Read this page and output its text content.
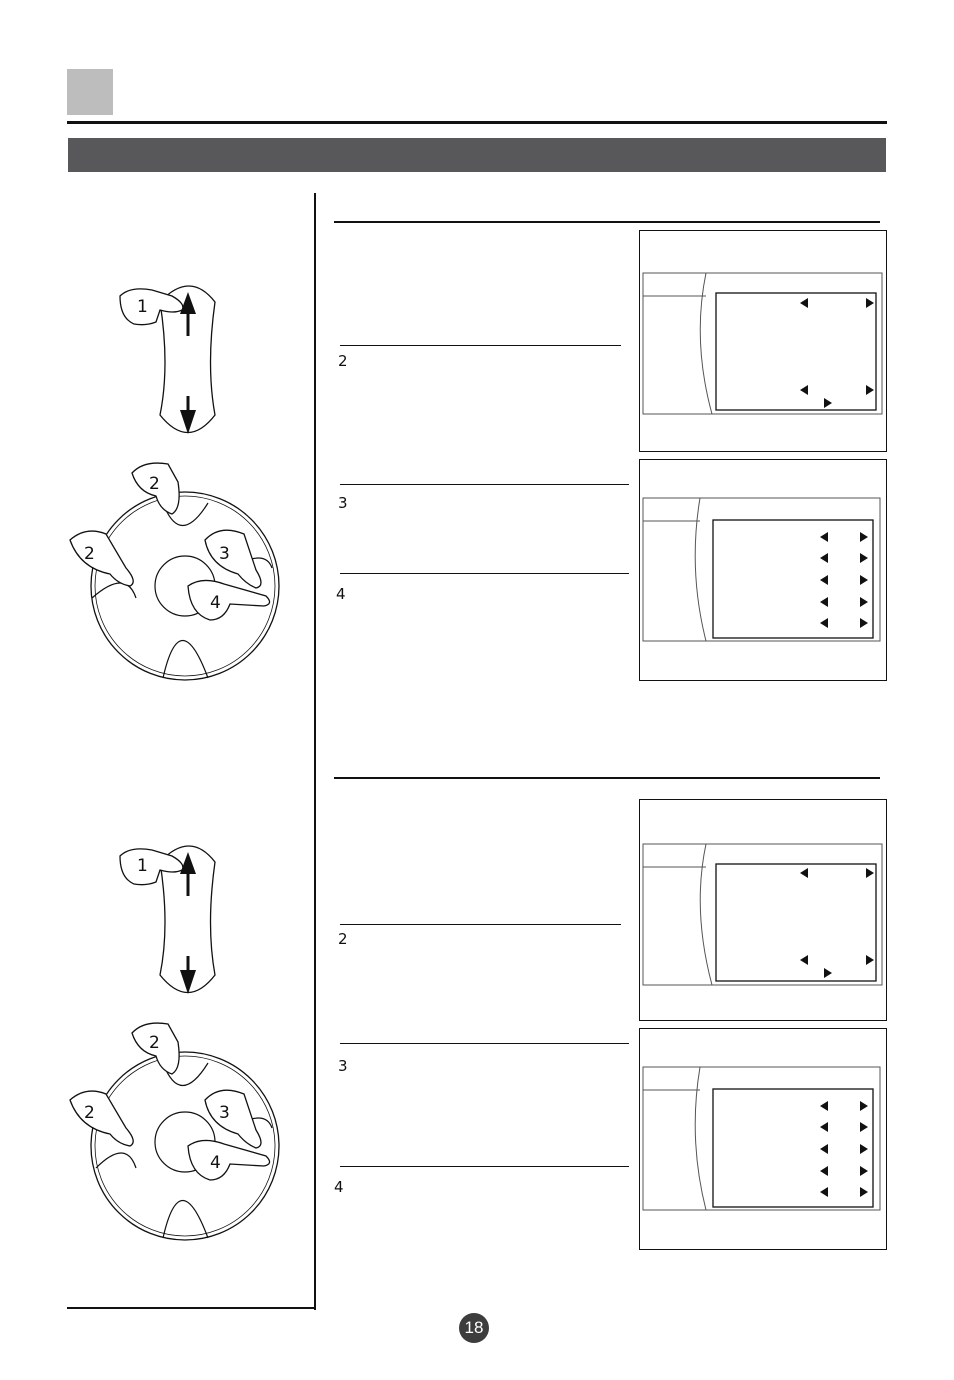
2
3
4
1
2
2	3
4
2
3
4
1
2
2	3
4
18
